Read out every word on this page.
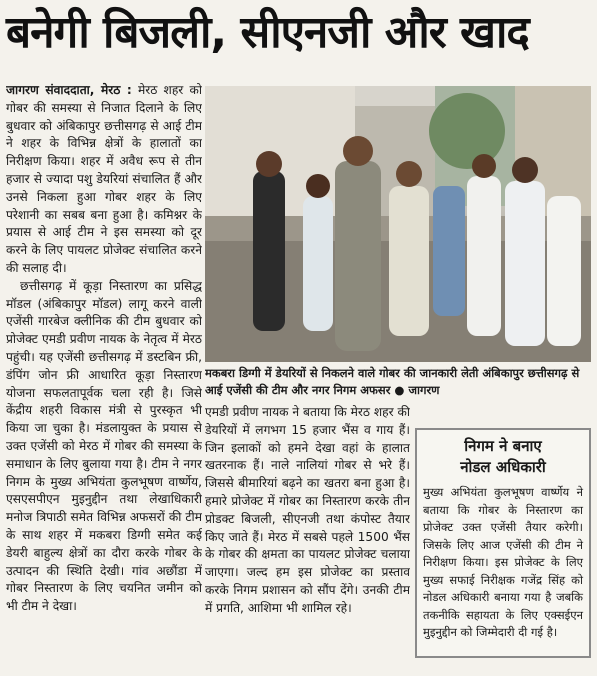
बनेगी बिजली, सीएनजी और खाद

जागरण संवाददाता, मेरठ : मेरठ शहर को गोबर की समस्या से निजात दिलाने के लिए बुधवार को अंबिकापुर छत्तीसगढ़ से आई टीम ने शहर के विभिन्न क्षेत्रों के हालातों का निरीक्षण किया। शहर में अवैध रूप से तीन हजार से ज्यादा पशु डेयरियां संचालित हैं और उनसे निकला हुआ गोबर शहर के लिए परेशानी का सबब बना हुआ है। कमिश्नर के प्रयास से आई टीम ने इस समस्या को दूर करने के लिए पायलट प्रोजेक्ट संचालित करने की सलाह दी।

छत्तीसगढ़ में कूड़ा निस्तारण का प्रसिद्ध मॉडल (अंबिकापुर मॉडल) लागू करने वाली एजेंसी गारबेज क्लीनिक की टीम बुधवार को प्रोजेक्ट एमडी प्रवीण नायक के नेतृत्व में मेरठ पहुंची। यह एजेंसी छत्तीसगढ़ में डस्टबिन फ्री, डंपिंग जोन फ्री आधारित कूड़ा निस्तारण योजना सफलतापूर्वक चला रही है। जिसे केंद्रीय शहरी विकास मंत्री से पुरस्कृत भी किया जा चुका है। मंडलायुक्त के प्रयास से उक्त एजेंसी को मेरठ में गोबर की समस्या के समाधान के लिए बुलाया गया है। टीम ने नगर निगम के मुख्य अभियंता कुलभूषण वार्ष्णेय, एसएसपीएन मुइनुद्दीन तथा लेखाधिकारी मनोज त्रिपाठी समेत विभिन्न अफसरों की टीम के साथ शहर में मकबरा डिग्गी समेत कई डेयरी बाहुल्य क्षेत्रों का दौरा करके गोबर के उत्पादन की स्थिति देखी। गांव अछौंडा में गोबर निस्तारण के लिए चयनित जमीन को भी टीम ने देखा।

मकबरा डिग्गी में डेयरियों से निकलने वाले गोबर की जानकारी लेती अंबिकापुर छत्तीसगढ़ से आई एजेंसी की टीम और नगर निगम अफसर ● जागरण

एमडी प्रवीण नायक ने बताया कि मेरठ शहर की डेयरियों में लगभग 15 हजार भैंस व गाय हैं। जिन इलाकों को हमने देखा वहां के हालात खतरनाक हैं। नाले नालियां गोबर से भरे हैं। जिससे बीमारियां बढ़ने का खतरा बना हुआ है। हमारे प्रोजेक्ट में गोबर का निस्तारण करके तीन प्रोडक्ट बिजली, सीएनजी तथा कंपोस्ट तैयार किए जाते हैं। मेरठ में सबसे पहले 1500 भैंस के गोबर की क्षमता का पायलट प्रोजेक्ट चलाया जाएगा। जल्द हम इस प्रोजेक्ट का प्रस्ताव करके निगम प्रशासन को सौंप देंगे। उनकी टीम में प्रगति, आशिमा भी शामिल रहे।

निगम ने बनाए
नोडल अधिकारी

मुख्य अभियंता कुलभूषण वार्ष्णेय ने बताया कि गोबर के निस्तारण का प्रोजेक्ट उक्त एजेंसी तैयार करेगी। जिसके लिए आज एजेंसी की टीम ने निरीक्षण किया। इस प्रोजेक्ट के लिए मुख्य सफाई निरीक्षक गजेंद्र सिंह को नोडल अधिकारी बनाया गया है जबकि तकनीकि सहायता के लिए एक्सईएन मुइनुद्दीन को जिम्मेदारी दी गई है।
